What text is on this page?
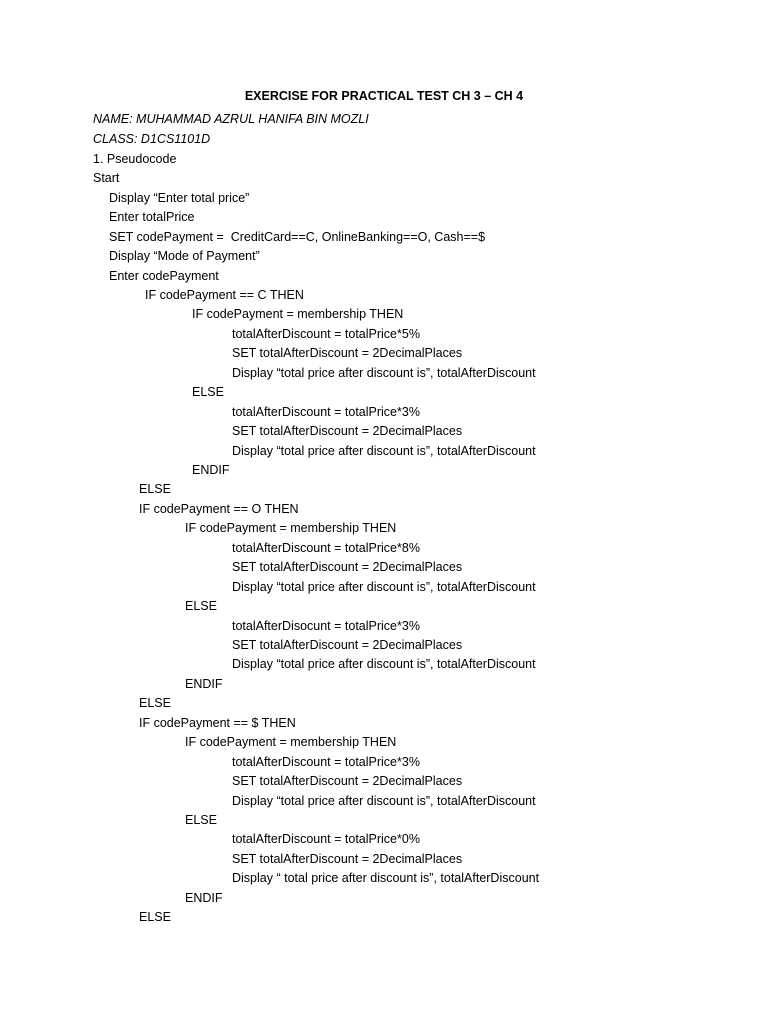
EXERCISE FOR PRACTICAL TEST CH 3 – CH 4
NAME: MUHAMMAD AZRUL HANIFA BIN MOZLI
CLASS: D1CS1101D
1. Pseudocode
Start
Display “Enter total price”
Enter totalPrice
SET codePayment =  CreditCard==C, OnlineBanking==O, Cash==$
Display “Mode of Payment”
Enter codePayment
IF codePayment == C THEN
IF codePayment = membership THEN
totalAfterDiscount = totalPrice*5%
SET totalAfterDiscount = 2DecimalPlaces
Display “total price after discount is”, totalAfterDiscount
ELSE
totalAfterDiscount = totalPrice*3%
SET totalAfterDiscount = 2DecimalPlaces
Display “total price after discount is”, totalAfterDiscount
ENDIF
ELSE
IF codePayment == O THEN
IF codePayment = membership THEN
totalAfterDiscount = totalPrice*8%
SET totalAfterDiscount = 2DecimalPlaces
Display “total price after discount is”, totalAfterDiscount
ELSE
totalAfterDisocunt = totalPrice*3%
SET totalAfterDiscount = 2DecimalPlaces
Display “total price after discount is”, totalAfterDiscount
ENDIF
ELSE
IF codePayment == $ THEN
IF codePayment = membership THEN
totalAfterDiscount = totalPrice*3%
SET totalAfterDiscount = 2DecimalPlaces
Display “total price after discount is”, totalAfterDiscount
ELSE
totalAfterDiscount = totalPrice*0%
SET totalAfterDiscount = 2DecimalPlaces
Display “ total price after discount is”, totalAfterDiscount
ENDIF
ELSE
